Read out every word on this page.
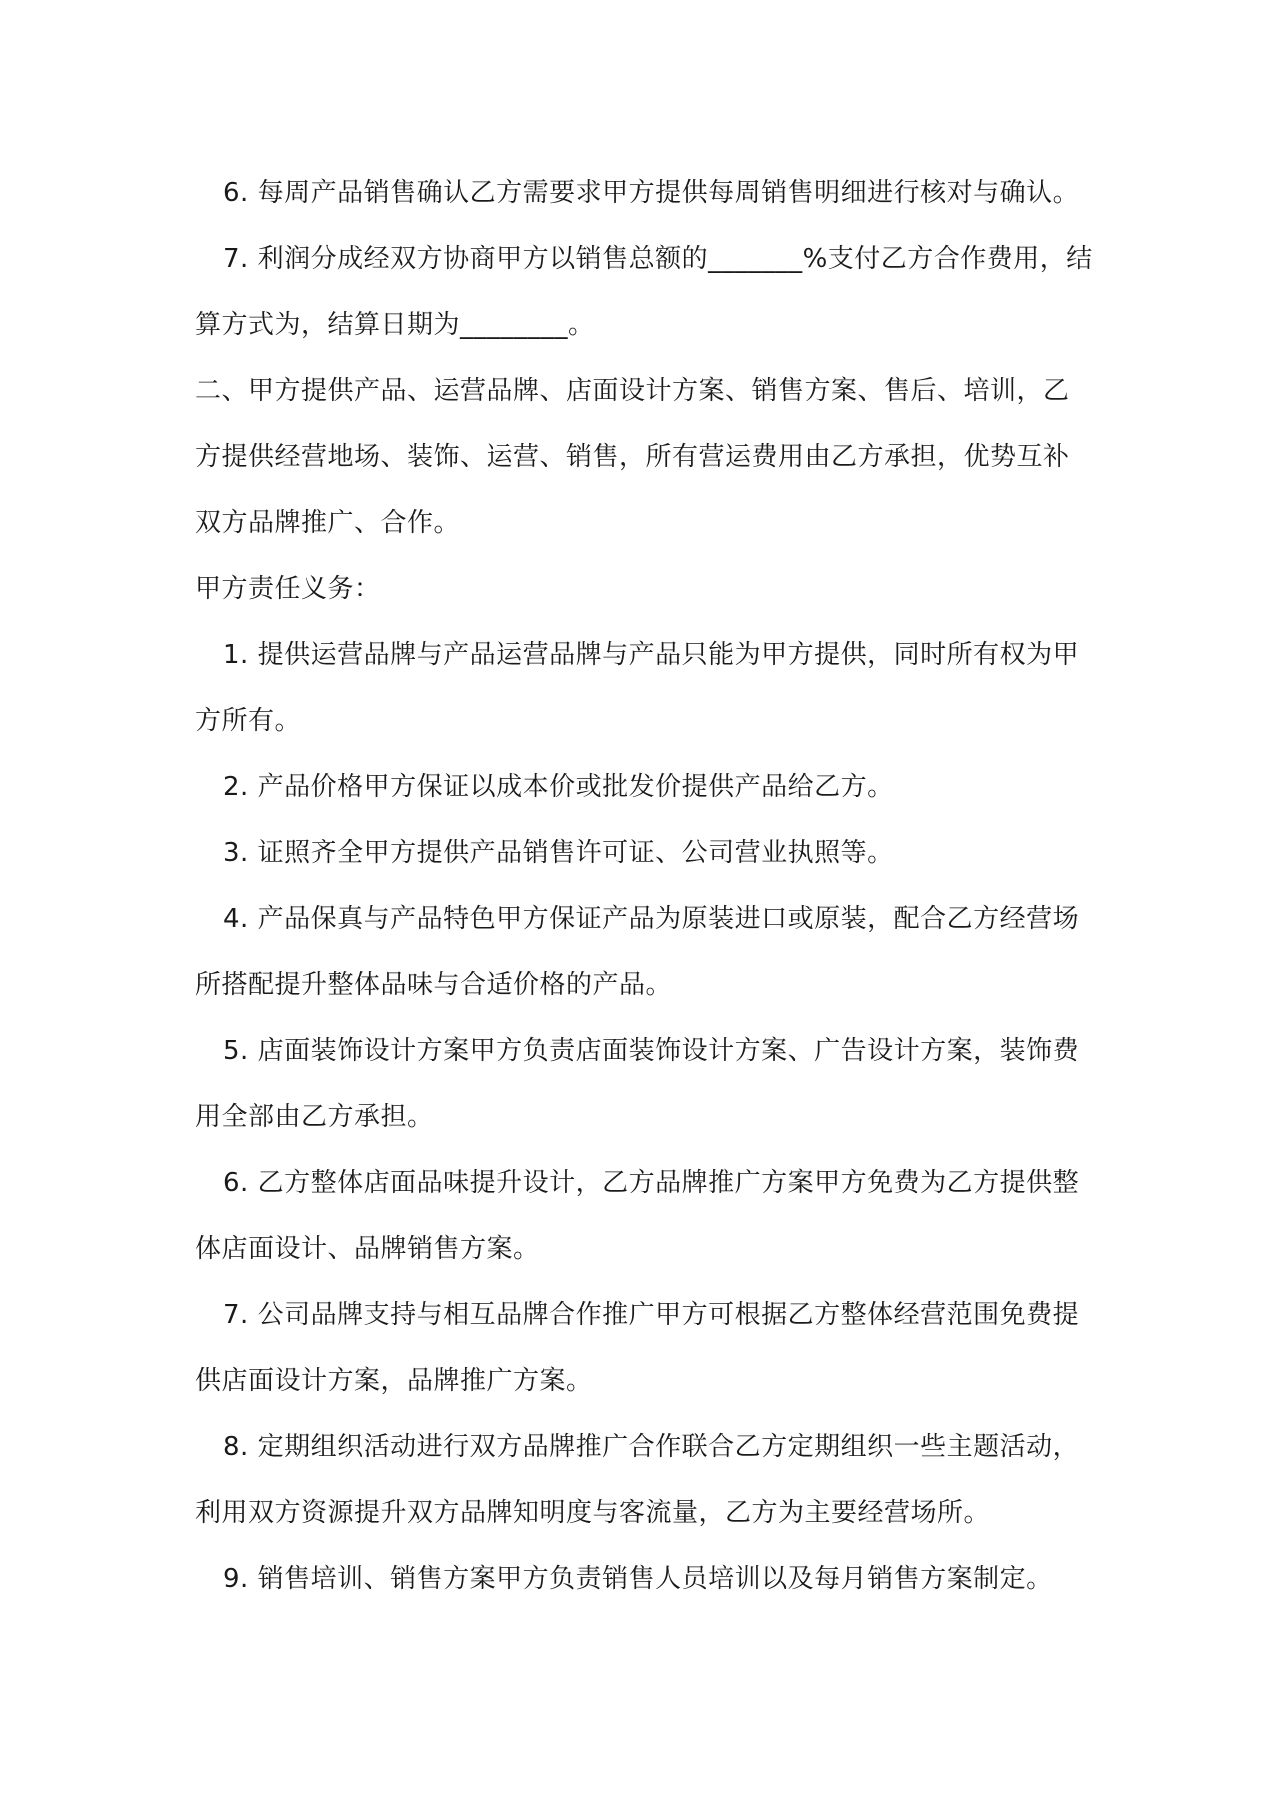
6. 每周产品销售确认乙方需要求甲方提供每周销售明细进行核对与确认。

7. 利润分成经双方协商甲方以销售总额的_______%支付乙方合作费用，结算方式为，结算日期为________。

二、甲方提供产品、运营品牌、店面设计方案、销售方案、售后、培训，乙方提供经营地场、装饰、运营、销售，所有营运费用由乙方承担，优势互补双方品牌推广、合作。

甲方责任义务：

1. 提供运营品牌与产品运营品牌与产品只能为甲方提供，同时所有权为甲方所有。

2. 产品价格甲方保证以成本价或批发价提供产品给乙方。

3. 证照齐全甲方提供产品销售许可证、公司营业执照等。

4. 产品保真与产品特色甲方保证产品为原装进口或原装，配合乙方经营场所搭配提升整体品味与合适价格的产品。

5. 店面装饰设计方案甲方负责店面装饰设计方案、广告设计方案，装饰费用全部由乙方承担。

6. 乙方整体店面品味提升设计，乙方品牌推广方案甲方免费为乙方提供整体店面设计、品牌销售方案。

7. 公司品牌支持与相互品牌合作推广甲方可根据乙方整体经营范围免费提供店面设计方案，品牌推广方案。

8. 定期组织活动进行双方品牌推广合作联合乙方定期组织一些主题活动，利用双方资源提升双方品牌知明度与客流量，乙方为主要经营场所。

9. 销售培训、销售方案甲方负责销售人员培训以及每月销售方案制定。
